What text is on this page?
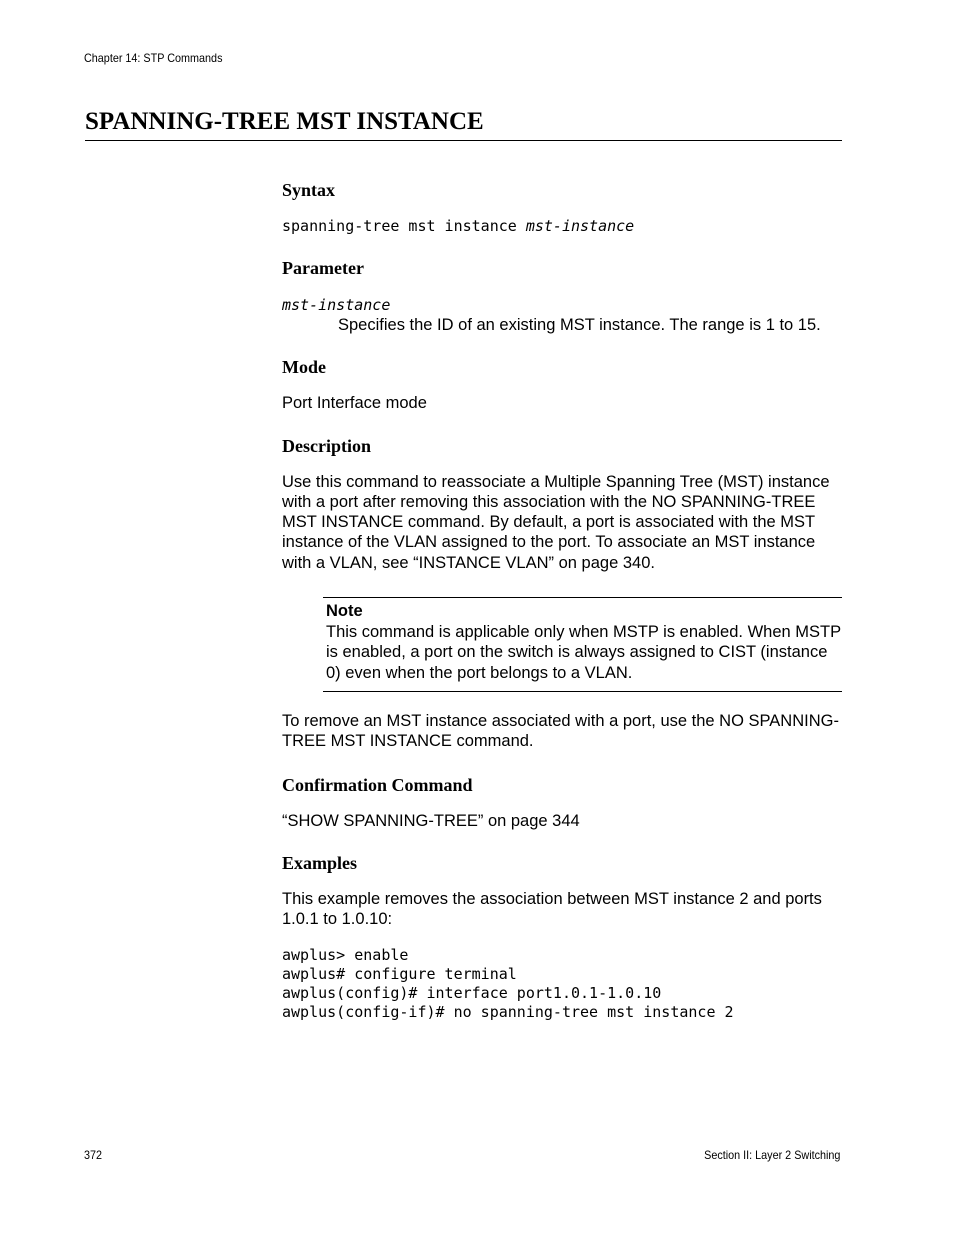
Chapter 14: STP Commands
SPANNING-TREE MST INSTANCE
Syntax
spanning-tree mst instance mst-instance
Parameter
mst-instance

Specifies the ID of an existing MST instance. The range is 1 to 15.

Mode

Port Interface mode

Description

Use this command to reassociate a Multiple Spanning Tree (MST) instance with a port after removing this association with the NO SPANNING-TREE MST INSTANCE command. By default, a port is associated with the MST instance of the VLAN assigned to the port. To associate an MST instance with a VLAN, see “INSTANCE VLAN” on page 340.

Note

This command is applicable only when MSTP is enabled. When MSTP is enabled, a port on the switch is always assigned to CIST (instance 0) even when the port belongs to a VLAN.

To remove an MST instance associated with a port, use the NO SPANNING-TREE MST INSTANCE command.

Confirmation Command

“SHOW SPANNING-TREE” on page 344

Examples

This example removes the association between MST instance 2 and ports 1.0.1 to 1.0.10:

awplus> enable
awplus# configure terminal
awplus(config)# interface port1.0.1-1.0.10
awplus(config-if)# no spanning-tree mst instance 2
372	Section II: Layer 2 Switching
